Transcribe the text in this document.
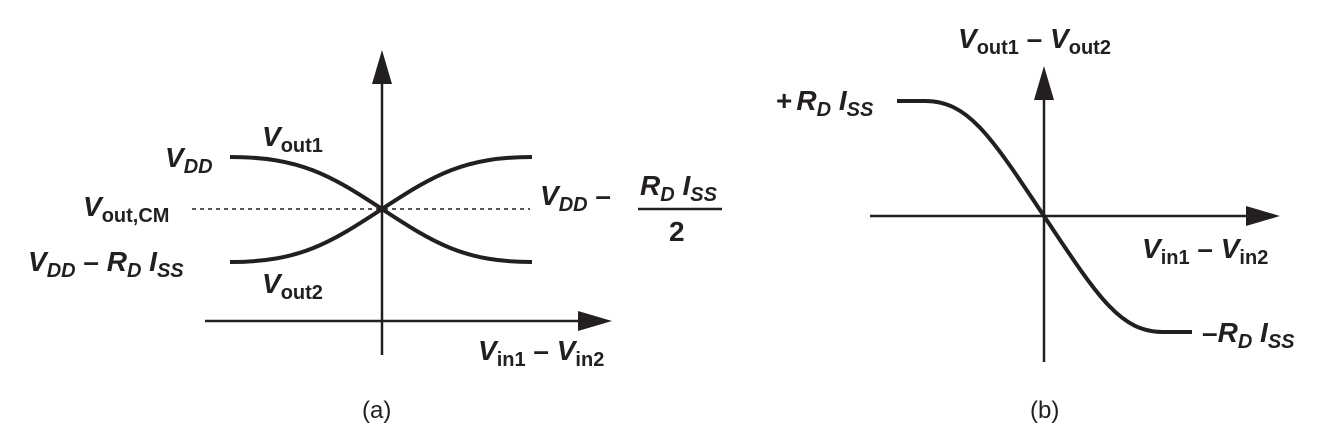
$V_{DD}$
$V_{out1}$
$V_{out,CM}$
$V_{DD} - R_D$ $I_{SS}$	$V_{out2}$
$V_{DD} - R_D$ $I_{SS}$
2
$V_{in1} - V_{in2}$
(a)
$V_{out1} - V_{out2}$
+ $R_D$ $I_{SS}$
$V_{in1} - V_{in2}$
$-R_D$ $I_{SS}$
(b)
